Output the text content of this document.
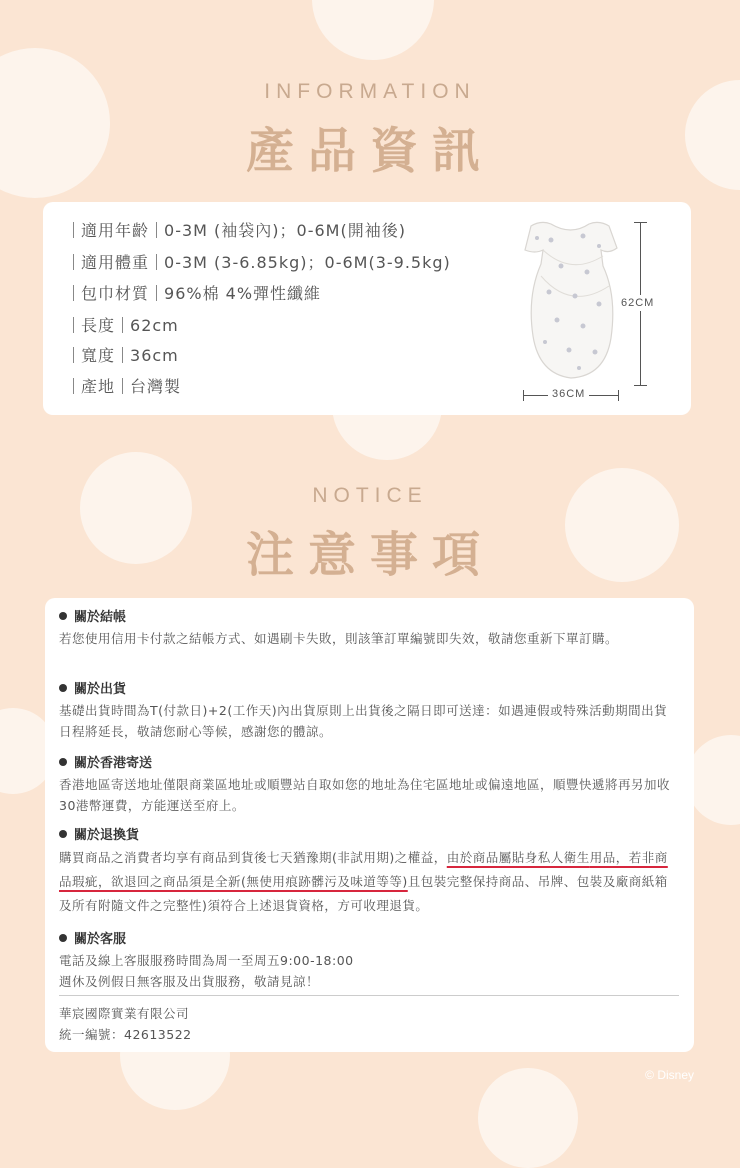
INFORMATION
產品資訊
適用年齡 0-3M (袖袋內)；0-6M(開袖後)
適用體重 0-3M (3-6.85kg)；0-6M(3-9.5kg)
包巾材質 96%棉 4%彈性纖維
長度 62cm
寬度 36cm
產地 台灣製
62CM
36CM
NOTICE
注意事項
關於結帳
若您使用信用卡付款之結帳方式、如遇刷卡失敗，則該筆訂單編號即失效，敬請您重新下單訂購。
關於出貨
基礎出貨時間為T(付款日)+2(工作天)內出貨原則上出貨後之隔日即可送達：如遇連假或特殊活動期間出貨日程將延長，敬請您耐心等候，感謝您的體諒。
關於香港寄送
香港地區寄送地址僅限商業區地址或順豐站自取如您的地址為住宅區地址或偏遠地區，順豐快遞將再另加收30港幣運費，方能運送至府上。
關於退換貨
購買商品之消費者均享有商品到貨後七天猶豫期(非試用期)之權益，由於商品屬貼身私人衛生用品，若非商品瑕疵，欲退回之商品須是全新(無使用痕跡髒污及味道等等)且包裝完整保持商品、吊牌、包裝及廠商紙箱及所有附隨文件之完整性)須符合上述退貨資格，方可收理退貨。
關於客服
電話及線上客服服務時間為周一至周五9:00-18:00
週休及例假日無客服及出貨服務，敬請見諒！
華宸國際實業有限公司
統一編號：42613522
© Disney
